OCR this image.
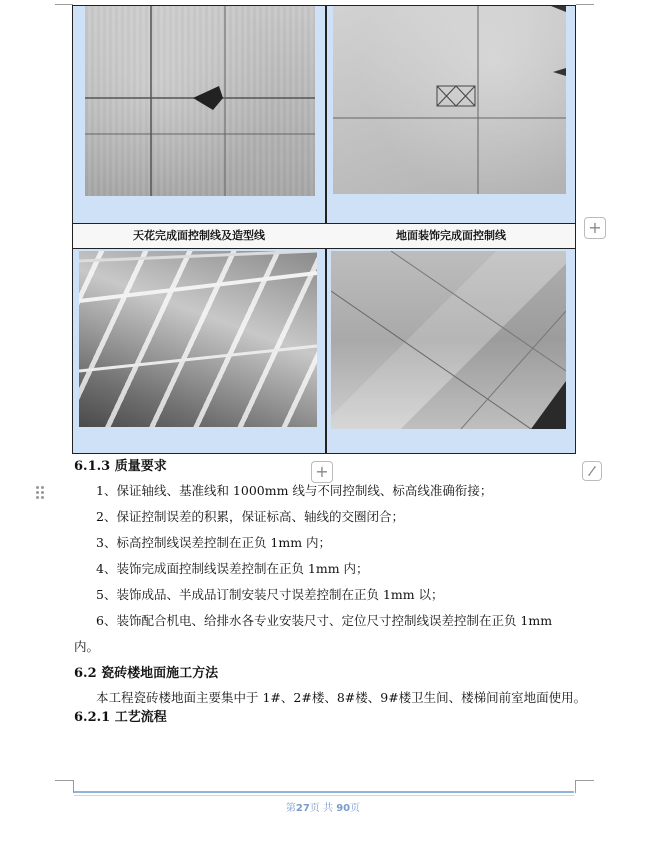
天花完成面控制线及造型线	地面装饰完成面控制线	+
+
6.1.3 质量要求
1、保证轴线、基准线和 1000mm 线与不同控制线、标高线准确衔接；
2、保证控制误差的积累，保证标高、轴线的交圈闭合；
3、标高控制线误差控制在正负 1mm 内；
4、装饰完成面控制线误差控制在正负 1mm 内；
5、装饰成品、半成品订制安装尺寸误差控制在正负 1mm 以；
6、装饰配合机电、给排水各专业安装尺寸、定位尺寸控制线误差控制在正负 1mm
内。
6.2 瓷砖楼地面施工方法
本工程瓷砖楼地面主要集中于 1#、2#楼、8#楼、9#楼卫生间、楼梯间前室地面使用。
6.2.1 工艺流程
第27页 共 90页
